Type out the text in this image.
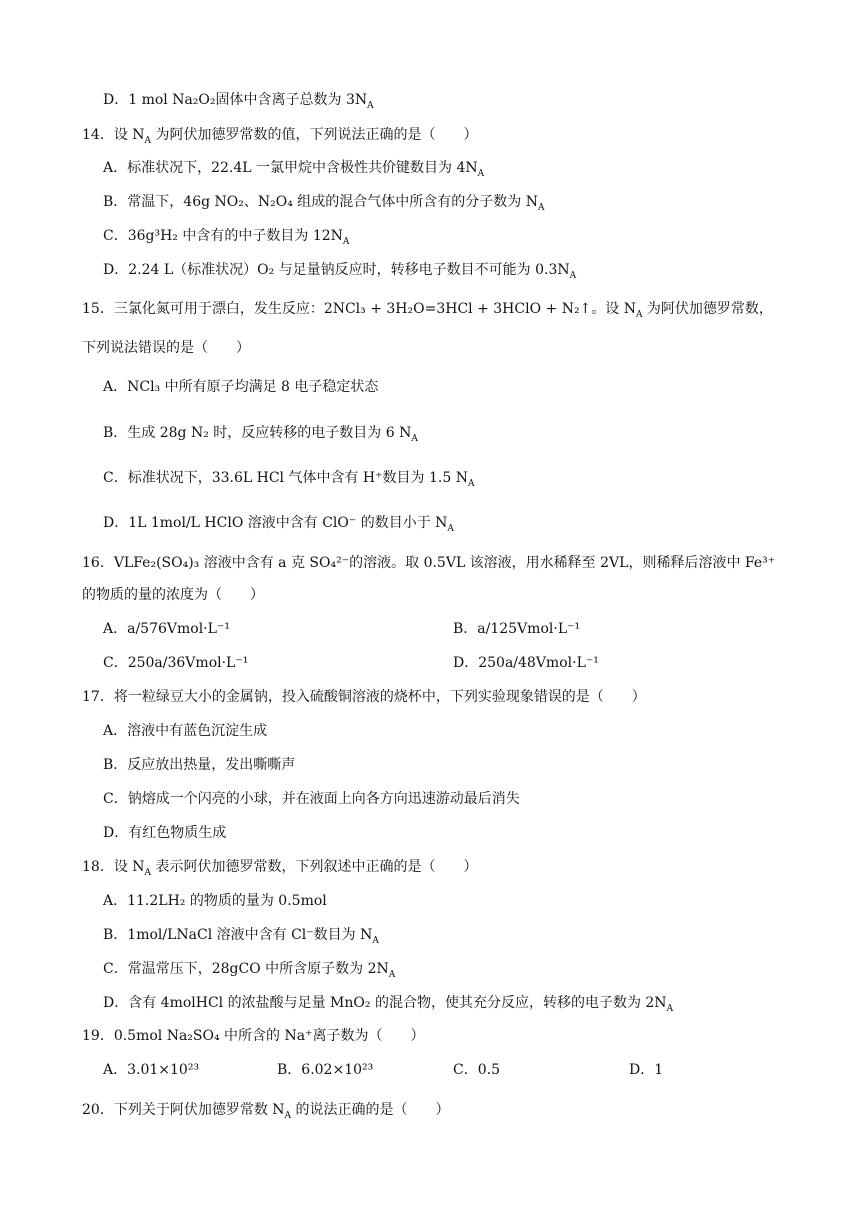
D．1 mol Na₂O₂固体中含离子总数为 $3N_A$
14．设 $N_A$ 为阿伏加德罗常数的值，下列说法正确的是（　　）
A．标准状况下，22.4L 一氯甲烷中含极性共价键数目为 $4N_A$
B．常温下，46g NO₂、N₂O₄ 组成的混合气体中所含有的分子数为 $N_A$
C．36g³H₂ 中含有的中子数目为 $12N_A$
D．2.24 L（标准状况）O₂ 与足量钠反应时，转移电子数目不可能为 $0.3N_A$
15．三氯化氮可用于漂白，发生反应：2NCl₃ + 3H₂O=3HCl + 3HClO + N₂↑。设 $N_A$ 为阿伏加德罗常数，
下列说法错误的是（　　）
A．NCl₃ 中所有原子均满足 8 电子稳定状态
B．生成 28g N₂ 时，反应转移的电子数目为 6 $N_A$
C．标准状况下，33.6L HCl 气体中含有 H⁺数目为 1.5 $N_A$
D．1L 1mol/L HClO 溶液中含有 ClO⁻ 的数目小于 $N_A$
16．VLFe₂(SO₄)₃ 溶液中含有 a 克 SO₄²⁻的溶液。取 0.5VL 该溶液，用水稀释至 2VL，则稀释后溶液中 Fe³⁺
的物质的量的浓度为（　　）
A．a/576Vmol·L⁻¹	B．a/125Vmol·L⁻¹
C．250a/36Vmol·L⁻¹	D．250a/48Vmol·L⁻¹
17．将一粒绿豆大小的金属钠，投入硫酸铜溶液的烧杯中，下列实验现象错误的是（　　）
A．溶液中有蓝色沉淀生成
B．反应放出热量，发出嘶嘶声
C．钠熔成一个闪亮的小球，并在液面上向各方向迅速游动最后消失
D．有红色物质生成
18．设 $N_A$ 表示阿伏加德罗常数，下列叙述中正确的是（　　）
A．11.2LH₂ 的物质的量为 0.5mol
B．1mol/LNaCl 溶液中含有 Cl⁻数目为 $N_A$
C．常温常压下，28gCO 中所含原子数为 $2N_A$
D．含有 4molHCl 的浓盐酸与足量 MnO₂ 的混合物，使其充分反应，转移的电子数为 $2N_A$
19．0.5mol Na₂SO₄ 中所含的 Na⁺离子数为（　　）
A．3.01×10²³	B．6.02×10²³	C．0.5	D．1
20．下列关于阿伏加德罗常数 $N_A$ 的说法正确的是（　　）
